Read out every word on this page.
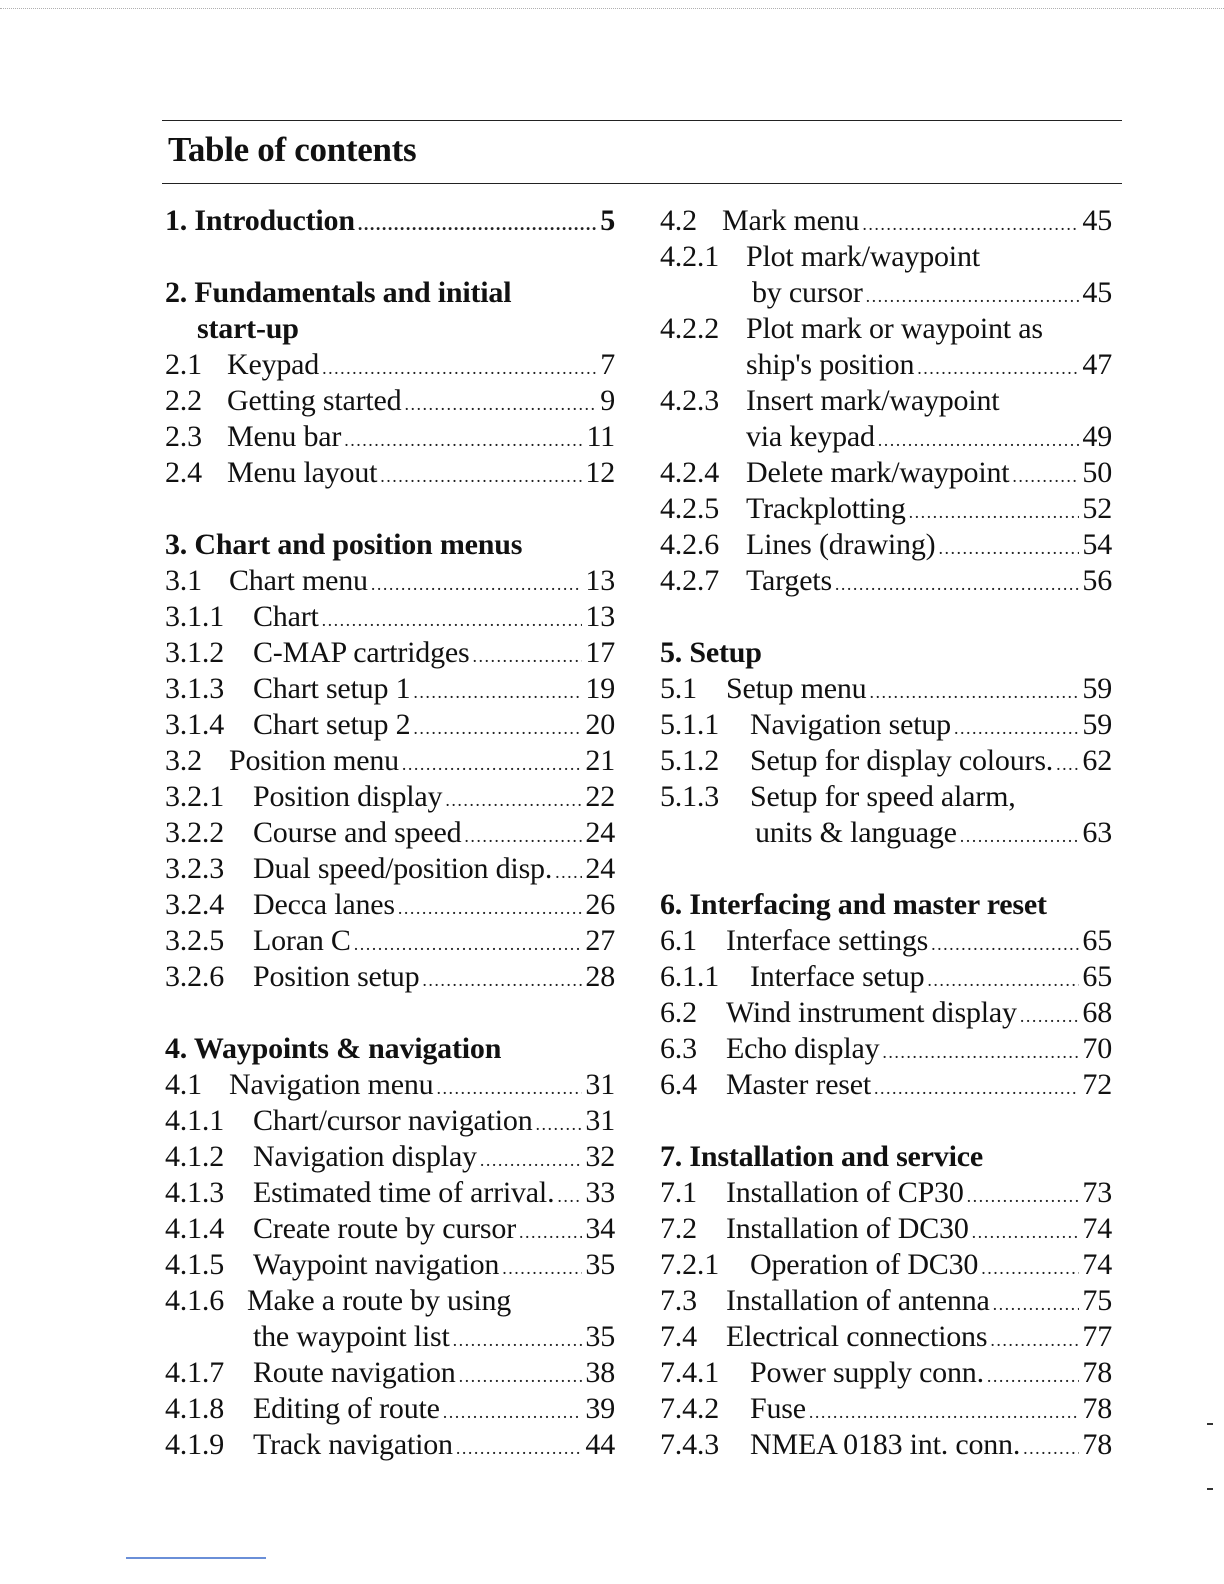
Table of contents
1. Introduction .....	5
2. Fundamentals and initial
start-up
2.1 Keypad .....	7
2.2 Getting started .....	9
2.3 Menu bar .....	11
2.4 Menu layout .....	12
3. Chart and position menus
3.1 Chart menu .....	13
3.1.1 Chart .....	13
3.1.2 C-MAP cartridges .....	17
3.1.3 Chart setup 1 .....	19
3.1.4 Chart setup 2 .....	20
3.2 Position menu .....	21
3.2.1 Position display .....	22
3.2.2 Course and speed .....	24
3.2.3 Dual speed/position disp. ..... 24
3.2.4 Decca lanes .....	26
3.2.5 Loran C .....	27
3.2.6 Position setup .....	28
4. Waypoints & navigation
4.1 Navigation menu .....	31
4.1.1 Chart/cursor navigation ..... 31
4.1.2 Navigation display .....	32
4.1.3 Estimated time of arrival. ..... 33
4.1.4 Create route by cursor ..... 34
4.1.5 Waypoint navigation .....	35
4.1.6 Make a route by using
the waypoint list .....	35
4.1.7 Route navigation .....	38
4.1.8 Editing of route .....	39
4.1.9 Track navigation .....	44
4.2 Mark menu .....	45
4.2.1 Plot mark/waypoint
by cursor .....	45
4.2.2 Plot mark or waypoint as
ship's position .....	47
4.2.3 Insert mark/waypoint
via keypad .....	49
4.2.4 Delete mark/waypoint ..... 50
4.2.5 Trackplotting .....	52
4.2.6 Lines (drawing) .....	54
4.2.7 Targets .....	56
5. Setup
5.1 Setup menu .....	59
5.1.1 Navigation setup .....	59
5.1.2 Setup for display colours. ..... 62
5.1.3 Setup for speed alarm,
units & language .....	63
6. Interfacing and master reset
6.1 Interface settings .....	65
6.1.1 Interface setup .....	65
6.2 Wind instrument display ..... 68
6.3 Echo display .....	70
6.4 Master reset .....	72
7. Installation and service
7.1 Installation of CP30 .....	73
7.2 Installation of DC30 .....	74
7.2.1 Operation of DC30 .....	74
7.3 Installation of antenna .....	75
7.4 Electrical connections .....	77
7.4.1 Power supply conn. .....	78
7.4.2 Fuse .....	78
7.4.3 NMEA 0183 int. conn. ..... 78
